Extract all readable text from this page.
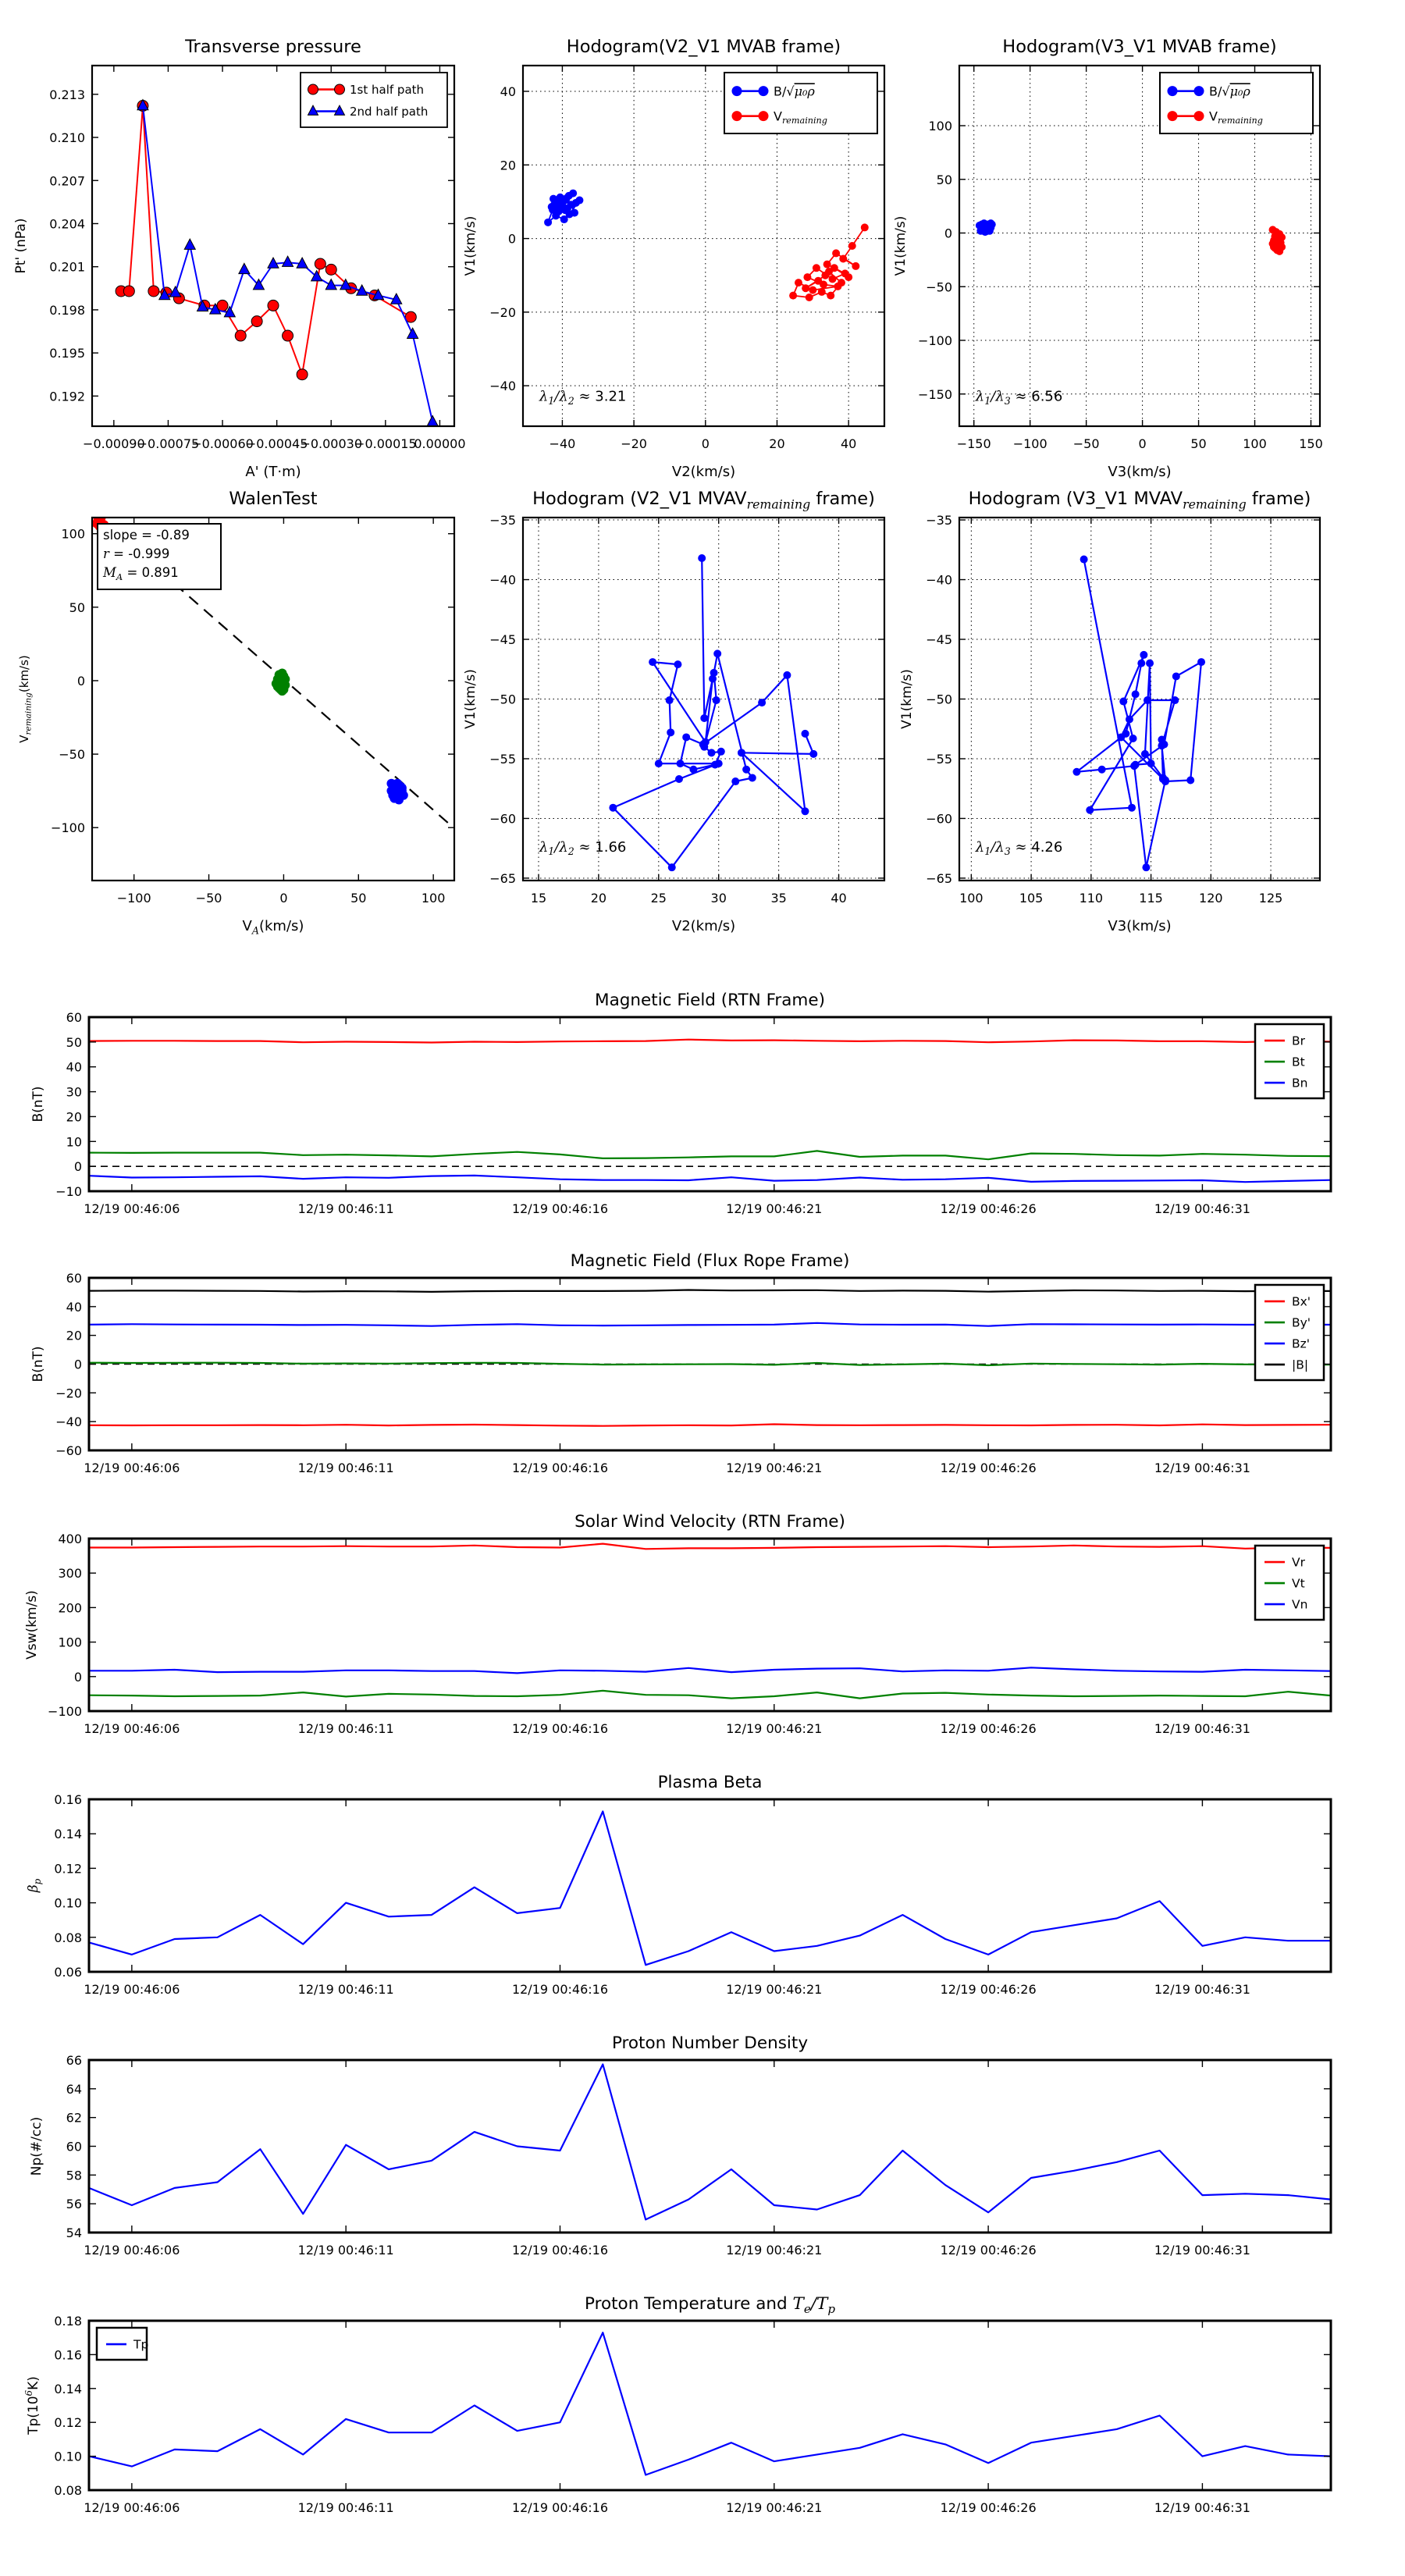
−0.00090
−0.00075
−0.00060
−0.00045
−0.00030
−0.00015
0.00000
0.192
0.195
0.198
0.201
0.204
0.207
0.210
0.213
Transverse pressure
A' (T·m)
Pt' (nPa)
1st half path
2nd half path
−40	−20	0	20	40
−40
−20
0
20
40
Hodogram(V2_V1 MVAB frame)
V2(km/s)
V1(km/s)
$\lambda_1/\lambda_2 \approx 3.21$
B/√μ₀ρ
$V_{remaining}$
−150 −100 −50	0	50	100	150
−150
−100
−50
0
50
100
Hodogram(V3_V1 MVAB frame)
V3(km/s)
V1(km/s)
$\lambda_1/\lambda_3 \approx 6.56$
B/√μ₀ρ
$V_{remaining}$
−100	−50	0	50	100
−100
−50
0
50
100
WalenTest
$V_A(km/s)$
$V_{remaining}(km/s)$
slope = -0.89
r = -0.999
$M_A = 0.891$
15	20	25	30	35	40
−65
−60
−55
−50
−45
−40
−35
Hodogram (V2_V1 $MVAV_{remaining}$ frame)
V2(km/s)
V1(km/s)
$\lambda_1/\lambda_2 \approx 1.66$
100	105	110	115	120	125
−65
−60
−55
−50
−45
−40
−35
Hodogram (V3_V1 $MVAV_{remaining}$ frame)
V3(km/s)
V1(km/s)
$\lambda_1/\lambda_3 \approx 4.26$
12/19 00:46:06	12/19 00:46:11	12/19 00:46:16	12/19 00:46:21	12/19 00:46:26	12/19 00:46:31
−10
0
10
20
30
40
50
60
Magnetic Field (RTN Frame)
B(nT)
Br
Bt
Bn
12/19 00:46:06	12/19 00:46:11	12/19 00:46:16	12/19 00:46:21	12/19 00:46:26	12/19 00:46:31
−60
−40
−20
0
20
40
60
Magnetic Field (Flux Rope Frame)
B(nT)
Bx'
By'
Bz'
|B|
12/19 00:46:06	12/19 00:46:11	12/19 00:46:16	12/19 00:46:21	12/19 00:46:26	12/19 00:46:31
−100
0
100
200
300
400
Solar Wind Velocity (RTN Frame)
Vsw(km/s)
Vr
Vt
Vn
12/19 00:46:06	12/19 00:46:11	12/19 00:46:16	12/19 00:46:21	12/19 00:46:26	12/19 00:46:31
0.06
0.08
0.10
0.12
0.14
0.16
Plasma Beta
$\beta_p$
12/19 00:46:06	12/19 00:46:11	12/19 00:46:16	12/19 00:46:21	12/19 00:46:26	12/19 00:46:31
54
56
58
60
62
64
66
Proton Number Density
Np(#/cc)
12/19 00:46:06	12/19 00:46:11	12/19 00:46:16	12/19 00:46:21	12/19 00:46:26	12/19 00:46:31
0.08
0.10
0.12
0.14
0.16
0.18
Proton Temperature and $T_e/T_p$
$Tp(10^6K)$
Tp
